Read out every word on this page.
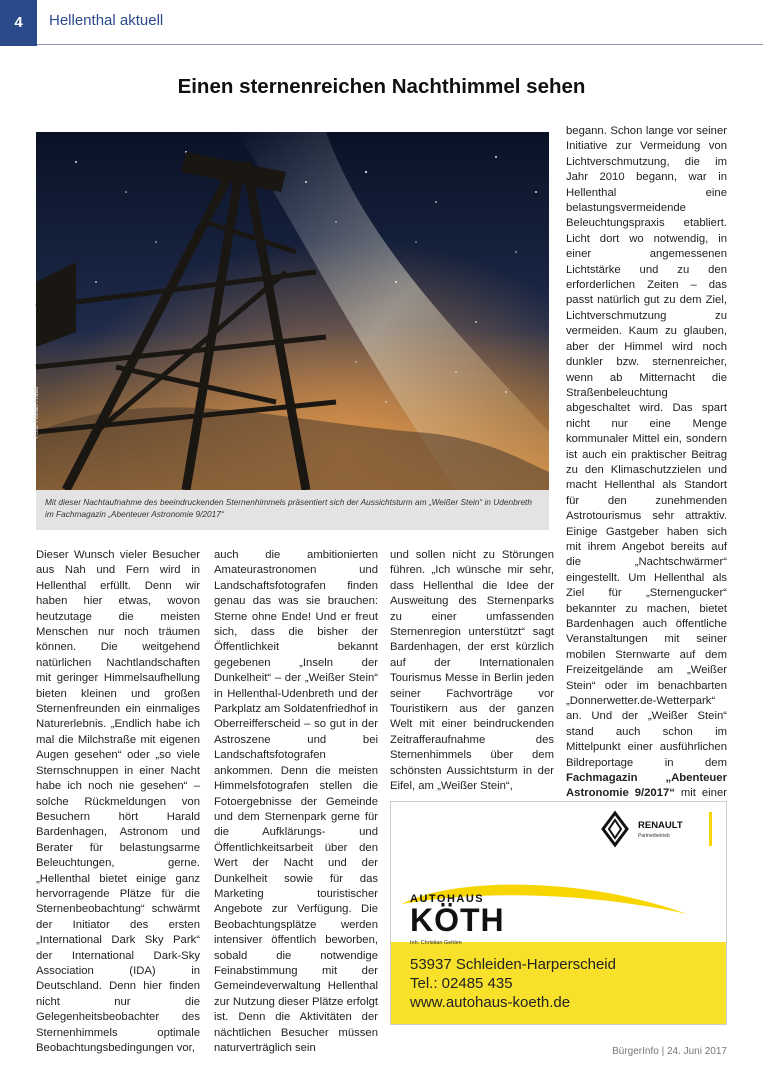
4	Hellenthal aktuell
Einen sternenreichen Nachthimmel sehen
Foto: Florian Fraaß
Mit dieser Nachtaufnahme des beeindruckenden Sternenhimmels präsentiert sich der Aussichtsturm am „Weißer Stein“ in Udenbreth im Fachmagazin „Abenteuer Astronomie 9/2017“
Dieser Wunsch vieler Besucher aus Nah und Fern wird in Hellenthal erfüllt. Denn wir haben hier etwas, wovon heutzutage die meisten Menschen nur noch träumen können. Die weitgehend natürlichen Nachtlandschaften mit geringer Himmelsaufhellung bieten kleinen und großen Sternenfreunden ein einmaliges Naturerlebnis. „Endlich habe ich mal die Milchstraße mit eigenen Augen gesehen“ oder „so viele Sternschnuppen in einer Nacht habe ich noch nie gesehen“ – solche Rückmeldungen von Besuchern hört Harald Bardenhagen, Astronom und Berater für belastungsarme Beleuchtungen, gerne. „Hellenthal bietet einige ganz hervorragende Plätze für die Sternenbeobachtung“ schwärmt der Initiator des ersten „International Dark Sky Park“ der International Dark-Sky Association (IDA) in Deutschland. Denn hier finden nicht nur die Gelegenheitsbeobachter des Sternenhimmels optimale Beobachtungsbedingungen vor,
auch die ambitionierten Amateurastronomen und Landschaftsfotografen finden genau das was sie brauchen: Sterne ohne Ende! Und er freut sich, dass die bisher der Öffentlichkeit bekannt gegebenen „Inseln der Dunkelheit“ – der „Weißer Stein“ in Hellenthal-Udenbreth und der Parkplatz am Soldatenfriedhof in Oberreifferscheid – so gut in der Astroszene und bei Landschaftsfotografen ankommen. Denn die meisten Himmelsfotografen stellen die Fotoergebnisse der Gemeinde und dem Sternenpark gerne für die Aufklärungs- und Öffentlichkeitsarbeit über den Wert der Nacht und der Dunkelheit sowie für das Marketing touristischer Angebote zur Verfügung. Die Beobachtungsplätze werden intensiver öffentlich beworben, sobald die notwendige Feinabstimmung mit der Gemeindeverwaltung Hellenthal zur Nutzung dieser Plätze erfolgt ist. Denn die Aktivitäten der nächtlichen Besucher müssen naturverträglich sein
und sollen nicht zu Störungen führen. „Ich wünsche mir sehr, dass Hellenthal die Idee der Ausweitung des Sternenparks zu einer umfassenden Sternenregion unterstützt“ sagt Bardenhagen, der erst kürzlich auf der Internationalen Tourismus Messe in Berlin jeden seiner Fachvorträge vor Touristikern aus der ganzen Welt mit einer beindruckenden Zeitrafferaufnahme des Sternenhimmels über dem schönsten Aussichtsturm in der Eifel, am „Weißer Stein“,
begann. Schon lange vor seiner Initiative zur Vermeidung von Lichtverschmutzung, die im Jahr 2010 begann, war in Hellenthal eine belastungsvermeidende Beleuchtungspraxis etabliert. Licht dort wo notwendig, in einer angemessenen Lichtstärke und zu den erforderlichen Zeiten – das passt natürlich gut zu dem Ziel, Lichtverschmutzung zu vermeiden. Kaum zu glauben, aber der Himmel wird noch dunkler bzw. sternenreicher, wenn ab Mitternacht die Straßenbeleuchtung abgeschaltet wird. Das spart nicht nur eine Menge kommunaler Mittel ein, sondern ist auch ein praktischer Beitrag zu den Klimaschutzzielen und macht Hellenthal als Standort für den zunehmenden Astrotourismus sehr attraktiv. Einige Gastgeber haben sich mit ihrem Angebot bereits auf die „Nachtschwärmer“ eingestellt. Um Hellenthal als Ziel für „Sternengucker“ bekannter zu machen, bietet Bardenhagen auch öffentliche Veranstaltungen mit seiner mobilen Sternwarte auf dem Freizeitgelände am „Weißer Stein“ oder im benachbarten „Donnerwetter.de-Wetterpark“ an. Und der „Weißer Stein“ stand auch schon im Mittelpunkt einer ausführlichen Bildreportage in dem Fachmagazin „Abenteuer Astronomie 9/2017“ mit einer
RENAULT
Partnerbetrieb
AUTOHAUS
KÖTH
Inh. Christian Gehlen
53937 Schleiden-Harperscheid
Tel.: 02485 435
www.autohaus-koeth.de
BürgerInfo | 24. Juni 2017
